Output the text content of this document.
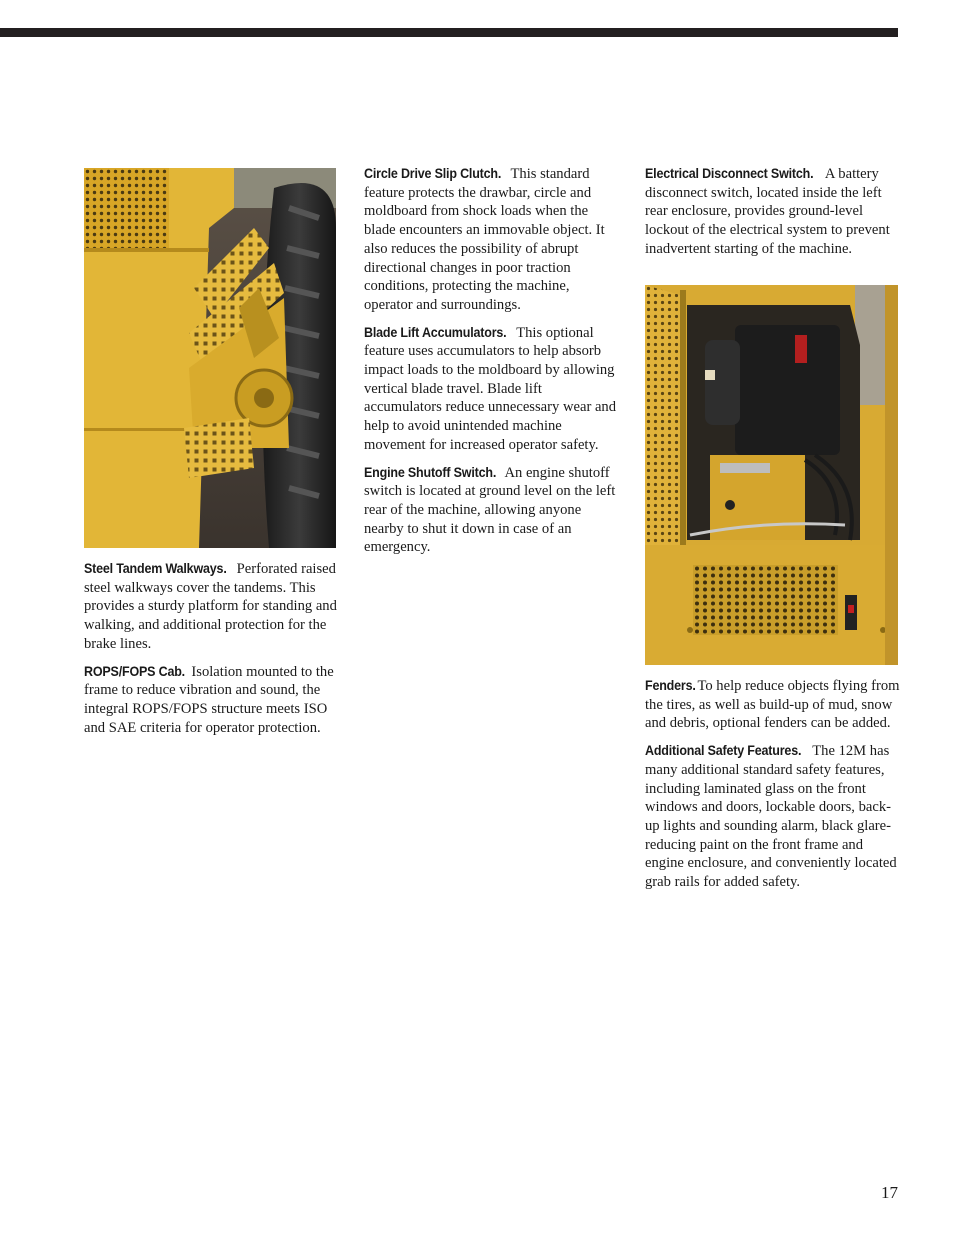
Steel Tandem Walkways. Perforated raised steel walkways cover the tandems. This provides a sturdy platform for standing and walking, and additional protection for the brake lines.

ROPS/FOPS Cab. Isolation mounted to the frame to reduce vibration and sound, the integral ROPS/FOPS structure meets ISO and SAE criteria for operator protection.

Circle Drive Slip Clutch. This standard feature protects the drawbar, circle and moldboard from shock loads when the blade encounters an immovable object. It also reduces the possibility of abrupt directional changes in poor traction conditions, protecting the machine, operator and surroundings.

Blade Lift Accumulators. This optional feature uses accumulators to help absorb impact loads to the moldboard by allowing vertical blade travel. Blade lift accumulators reduce unnecessary wear and help to avoid unintended machine movement for increased operator safety.

Engine Shutoff Switch. An engine shutoff switch is located at ground level on the left rear of the machine, allowing anyone nearby to shut it down in case of an emergency.

Electrical Disconnect Switch. A battery disconnect switch, located inside the left rear enclosure, provides ground-level lockout of the electrical system to prevent inadvertent starting of the machine.

Fenders. To help reduce objects flying from the tires, as well as build-up of mud, snow and debris, optional fenders can be added.

Additional Safety Features. The 12M has many additional standard safety features, including laminated glass on the front windows and doors, lockable doors, back-up lights and sounding alarm, black glare-reducing paint on the front frame and engine enclosure, and conveniently located grab rails for added safety.

17
